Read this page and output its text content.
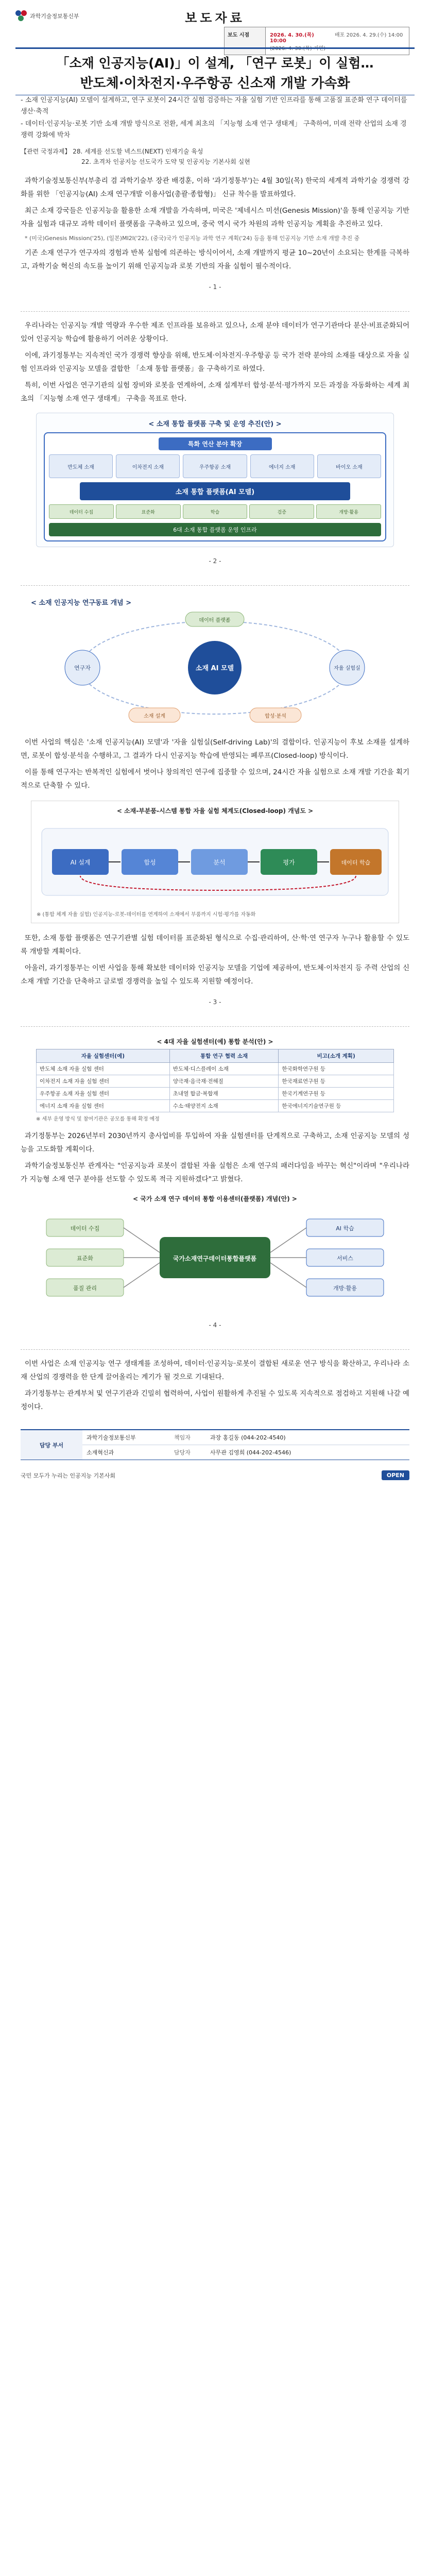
과학기술정보통신부	보도자료
보도 시점	2026. 4. 30.(목) 10:00
(2026. 4. 30.(목) 지면)
배포 2026. 4. 29.(수) 14:00
「소재 인공지능(AI)」이 설계, 「연구 로봇」이 실험…
반도체·이차전지·우주항공 신소재 개발 가속화

- 소재 인공지능(AI) 모델이 설계하고, 연구 로봇이 24시간 실험 검증하는 자율 실험 기반 인프라를 통해 고품질 표준화 연구 데이터를 생산·축적

- 데이터·인공지능·로봇 기반 소재 개발 방식으로 전환, 세계 최초의 「지능형 소재 연구 생태계」 구축하여, 미래 전략 산업의 소재 경쟁력 강화에 박차

【관련 국정과제】 28. 세계를 선도할 넥스트(NEXT) 인재기술 육성
22. 초격차 인공지능 선도국가 도약 및 인공지능 기본사회 실현

과학기술정보통신부(부총리 겸 과학기술부 장관 배경훈, 이하 '과기정통부')는 4월 30일(목) 한국의 세계적 과학기술 경쟁력 강화를 위한 「인공지능(AI) 소재 연구개발 이용사업(총괄·종합형)」 신규 착수를 발표하였다.

최근 소재 강국들은 인공지능을 활용한 소재 개발을 가속하며, 미국은 '제네시스 미션(Genesis Mission)'을 통해 인공지능 기반 자율 실험과 대규모 과학 데이터 플랫폼을 구축하고 있으며, 중국 역시 국가 차원의 과학 인공지능 계획을 추진하고 있다.

* (미국)Genesis Mission('25), (일본)MI2I('22), (중국)국가 인공지능 과학 연구 계획('24) 등을 통해 인공지능 기반 소재 개발 추진 중

기존 소재 연구가 연구자의 경험과 반복 실험에 의존하는 방식이어서, 소재 개발까지 평균 10~20년이 소요되는 한계를 극복하고, 과학기술 혁신의 속도를 높이기 위해 인공지능과 로봇 기반의 자율 실험이 필수적이다.

- 1 -

우리나라는 인공지능 개발 역량과 우수한 제조 인프라를 보유하고 있으나, 소재 분야 데이터가 연구기관마다 분산·비표준화되어 있어 인공지능 학습에 활용하기 어려운 상황이다.

이에, 과기정통부는 지속적인 국가 경쟁력 향상을 위해, 반도체·이차전지·우주항공 등 국가 전략 분야의 소재를 대상으로 자율 실험 인프라와 인공지능 모델을 결합한 「소재 통합 플랫폼」을 구축하기로 하였다.

특히, 이번 사업은 연구기관의 실험 장비와 로봇을 연계하여, 소재 설계부터 합성·분석·평가까지 모든 과정을 자동화하는 세계 최초의 「지능형 소재 연구 생태계」 구축을 목표로 한다.

< 소재 통합 플랫폼 구축 및 운영 추진(안) >
특화 연산 분야 확장
반도체 소재	이차전지 소재	우주항공 소재	에너지 소재	바이오 소재
소재 통합 플랫폼(AI 모델)
데이터 수집	표준화	학습	검증	개방·활용
6대 소재 통합 플랫폼 운영 인프라
- 2 -
< 소재 인공지능 연구동료 개념 >
소재 AI 모델
연구자	자율 실험실
데이터 플랫폼
소재 설계	합성·분석

이번 사업의 핵심은 '소재 인공지능(AI) 모델'과 '자율 실험실(Self-driving Lab)'의 결합이다. 인공지능이 후보 소재를 설계하면, 로봇이 합성·분석을 수행하고, 그 결과가 다시 인공지능 학습에 반영되는 폐루프(Closed-loop) 방식이다.

이를 통해 연구자는 반복적인 실험에서 벗어나 창의적인 연구에 집중할 수 있으며, 24시간 자율 실험으로 소재 개발 기간을 획기적으로 단축할 수 있다.

< 소재-부분품-시스템 통합 자율 실험 체계도(Closed-loop) 개념도 >
AI 설계	합성	분석	평가	데이터 학습
※ (통합 체계 자율 실험) 인공지능-로봇-데이터를 연계하여 소재에서 부품까지 시험·평가를 자동화

또한, 소재 통합 플랫폼은 연구기관별 실험 데이터를 표준화된 형식으로 수집·관리하여, 산·학·연 연구자 누구나 활용할 수 있도록 개방할 계획이다.

아울러, 과기정통부는 이번 사업을 통해 확보한 데이터와 인공지능 모델을 기업에 제공하여, 반도체·이차전지 등 주력 산업의 신소재 개발 기간을 단축하고 글로벌 경쟁력을 높일 수 있도록 지원할 예정이다.

- 3 -
< 4대 자율 실험센터(예) 통합 분석(안) >
자율 실험센터(예)	통합 연구 협력 소재	비고(소개 계획)
반도체 소재 자율 실험 센터	반도체·디스플레이 소재	한국화학연구원 등
이차전지 소재 자율 실험 센터	양극재·음극재·전해질	한국재료연구원 등
우주항공 소재 자율 실험 센터	초내열 합금·복합재	한국기계연구원 등
에너지 소재 자율 실험 센터	수소·태양전지 소재	한국에너지기술연구원 등
※ 세부 운영 방식 및 참여기관은 공모를 통해 확정 예정

과기정통부는 2026년부터 2030년까지 총사업비를 투입하여 자율 실험센터를 단계적으로 구축하고, 소재 인공지능 모델의 성능을 고도화할 계획이다.

과학기술정보통신부 관계자는 "인공지능과 로봇이 결합된 자율 실험은 소재 연구의 패러다임을 바꾸는 혁신"이라며 "우리나라가 지능형 소재 연구 분야를 선도할 수 있도록 적극 지원하겠다"고 밝혔다.

< 국가 소재 연구 데이터 통합 이용센터(플랫폼) 개념(안) >
국가소재연구데이터통합플랫폼
데이터 수집
표준화
품질 관리
AI 학습
서비스
개방·활용
- 4 -

이번 사업은 소재 인공지능 연구 생태계를 조성하여, 데이터·인공지능·로봇이 결합된 새로운 연구 방식을 확산하고, 우리나라 소재 산업의 경쟁력을 한 단계 끌어올리는 계기가 될 것으로 기대된다.

과기정통부는 관계부처 및 연구기관과 긴밀히 협력하여, 사업이 원활하게 추진될 수 있도록 지속적으로 점검하고 지원해 나갈 예정이다.

담당 부서
과학기술정보통신부	책임자	과장 홍길동 (044-202-4540)
소재혁신과	담당자	사무관 김영희 (044-202-4546)
국민 모두가 누리는 인공지능 기본사회	OPEN
